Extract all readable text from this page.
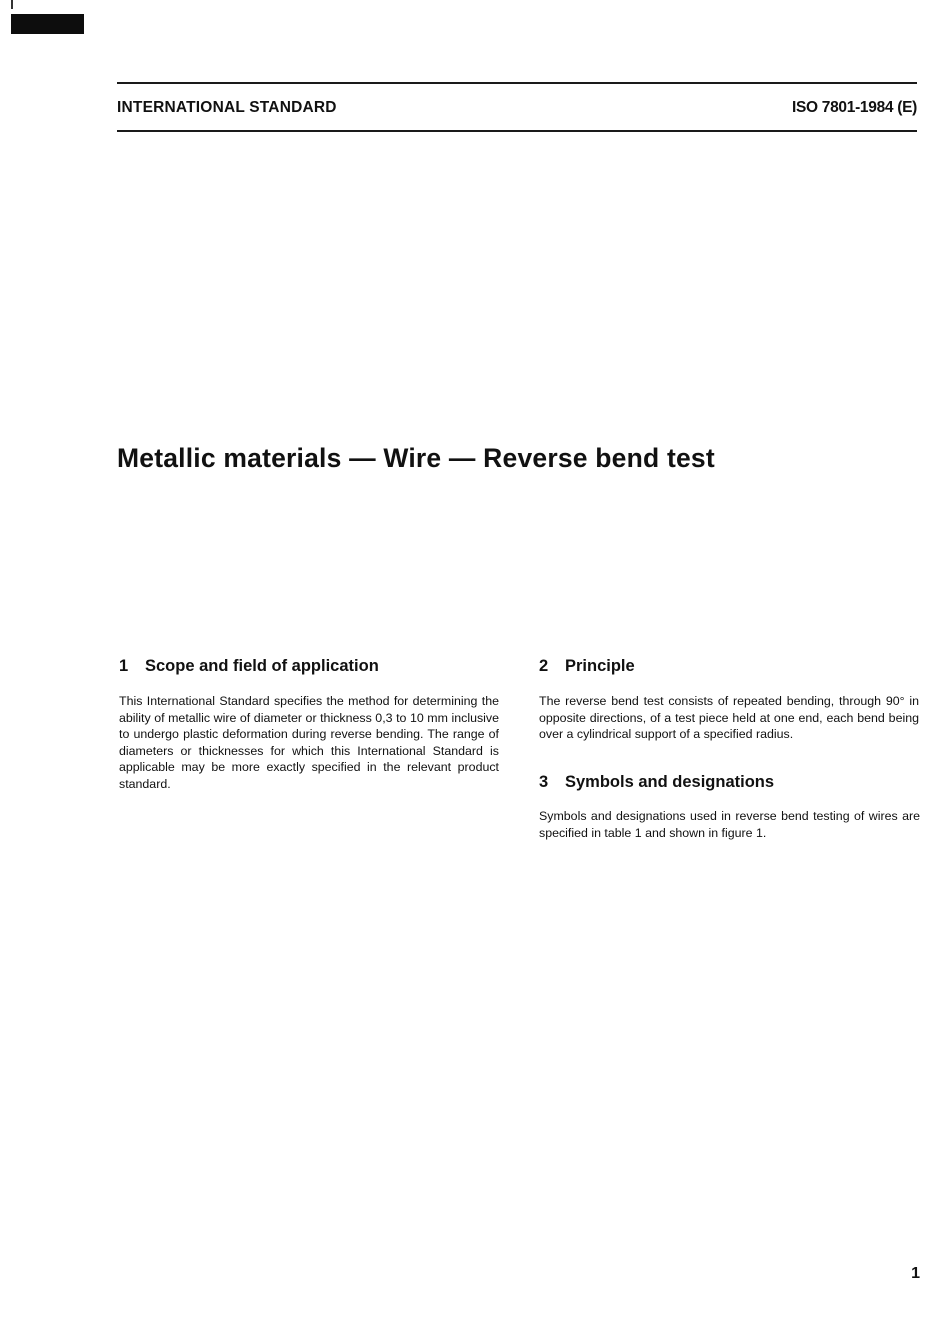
INTERNATIONAL STANDARD	ISO 7801-1984 (E)
Metallic materials — Wire — Reverse bend test
1 Scope and field of application

This International Standard specifies the method for determining the ability of metallic wire of diameter or thickness 0,3 to 10 mm inclusive to undergo plastic deformation during reverse bending. The range of diameters or thicknesses for which this International Standard is applicable may be more exactly specified in the relevant product standard.

2 Principle

The reverse bend test consists of repeated bending, through 90° in opposite directions, of a test piece held at one end, each bend being over a cylindrical support of a specified radius.

3 Symbols and designations

Symbols and designations used in reverse bend testing of wires are specified in table 1 and shown in figure 1.

1
